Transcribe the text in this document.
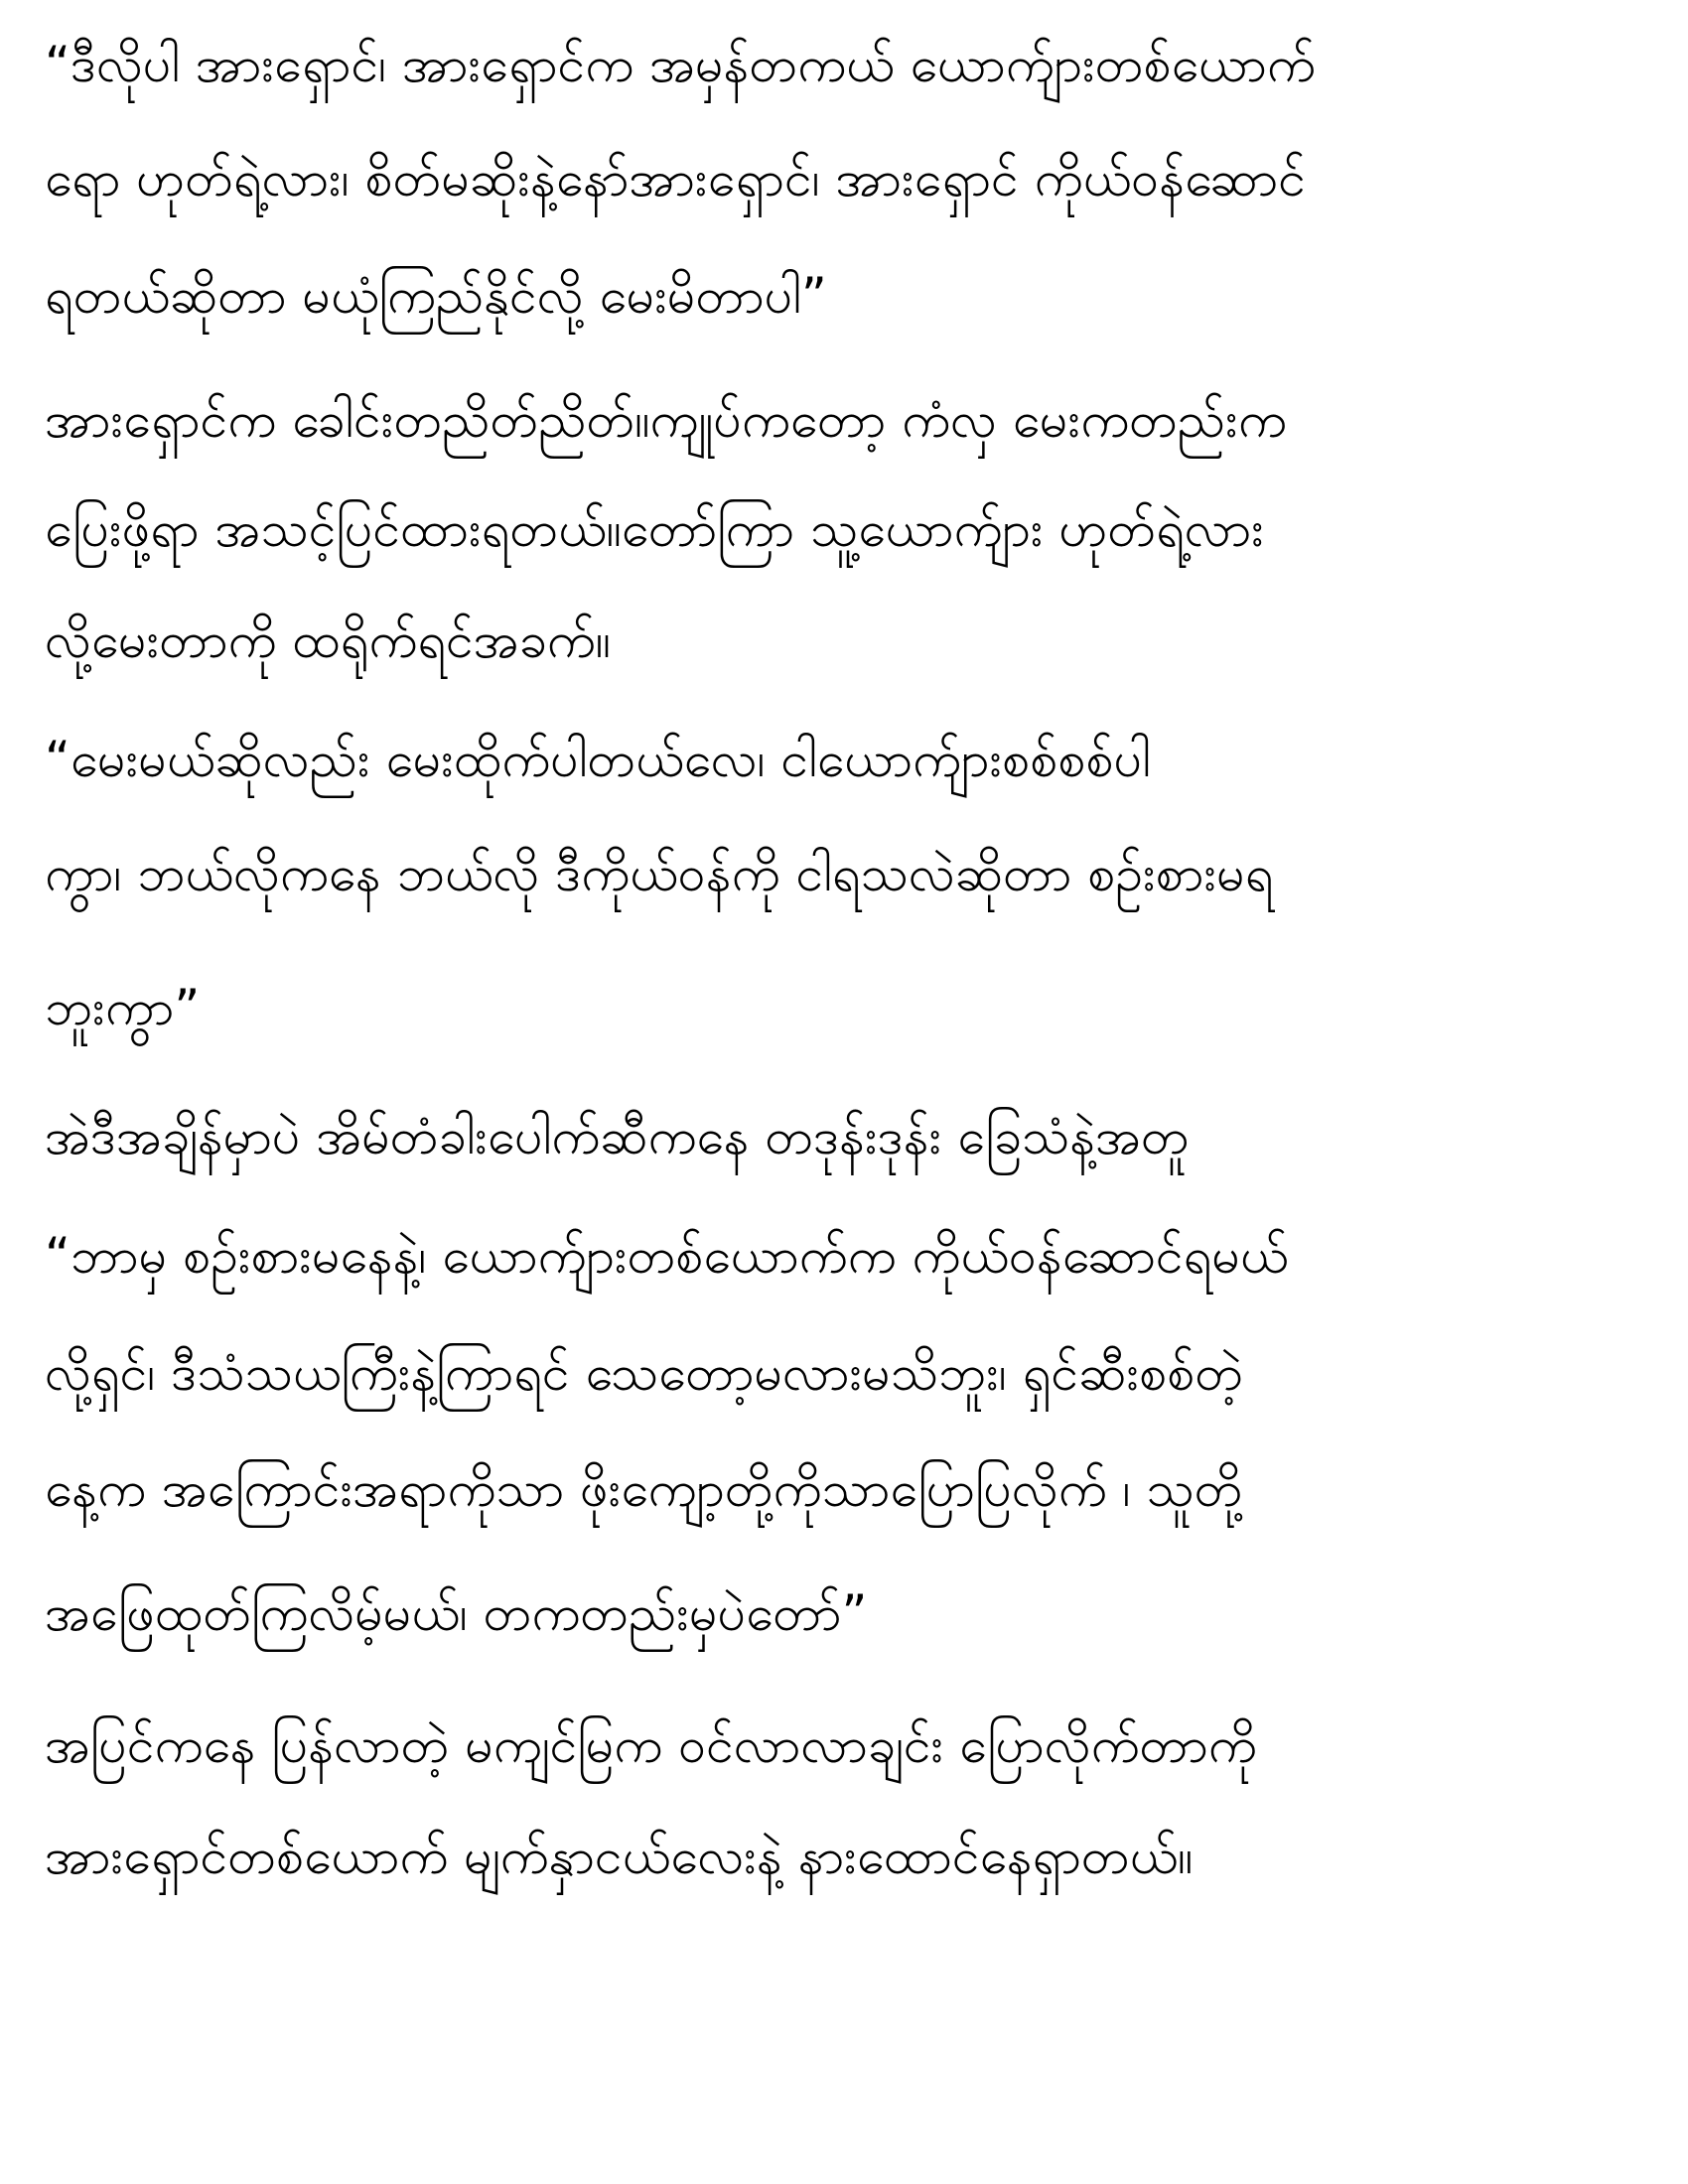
“ဒီလိုပါ အားရှောင်၊ အားရှောင်က အမှန်တကယ် ယောက်ျားတစ်ယောက်
ရော ဟုတ်ရဲ့လား၊ စိတ်မဆိုးနဲ့နော်အားရှောင်၊ အားရှောင် ကိုယ်ဝန်ဆောင်
ရတယ်ဆိုတာ မယုံကြည်နိုင်လို့ မေးမိတာပါ”
အားရှောင်က ခေါင်းတညိတ်ညိတ်။ကျုပ်ကတော့ ကံလှ မေးကတည်းက
ပြေးဖို့ရာ အသင့်ပြင်ထားရတယ်။တော်ကြာ သူ့ယောက်ျား ဟုတ်ရဲ့လား
လို့မေးတာကို ထရိုက်ရင်အခက်။
“မေးမယ်ဆိုလည်း မေးထိုက်ပါတယ်လေ၊ ငါယောက်ျားစစ်စစ်ပါ
ကွာ၊ ဘယ်လိုကနေ ဘယ်လို ဒီကိုယ်ဝန်ကို ငါရသလဲဆိုတာ စဉ်းစားမရ
ဘူးကွာ”
အဲဒီအချိန်မှာပဲ အိမ်တံခါးပေါက်ဆီကနေ တဒုန်းဒုန်း ခြေသံနဲ့အတူ
“ဘာမှ စဉ်းစားမနေနဲ့၊ ယောက်ျားတစ်ယောက်က ကိုယ်ဝန်ဆောင်ရမယ်
လို့ရှင်၊ ဒီသံသယကြီးနဲ့ကြာရင် သေတော့မလားမသိဘူး၊ ရှင်ဆီးစစ်တဲ့
နေ့က အကြောင်းအရာကိုသာ ဖိုးကျော့တို့ကိုသာပြောပြလိုက် ၊ သူတို့
အဖြေထုတ်ကြလိမ့်မယ်၊ တကတည်းမှပဲတော်”
အပြင်ကနေ ပြန်လာတဲ့ မကျင်မြက ဝင်လာလာချင်း ပြောလိုက်တာကို
အားရှောင်တစ်ယောက် မျက်နှာငယ်လေးနဲ့ နားထောင်နေရှာတယ်။
